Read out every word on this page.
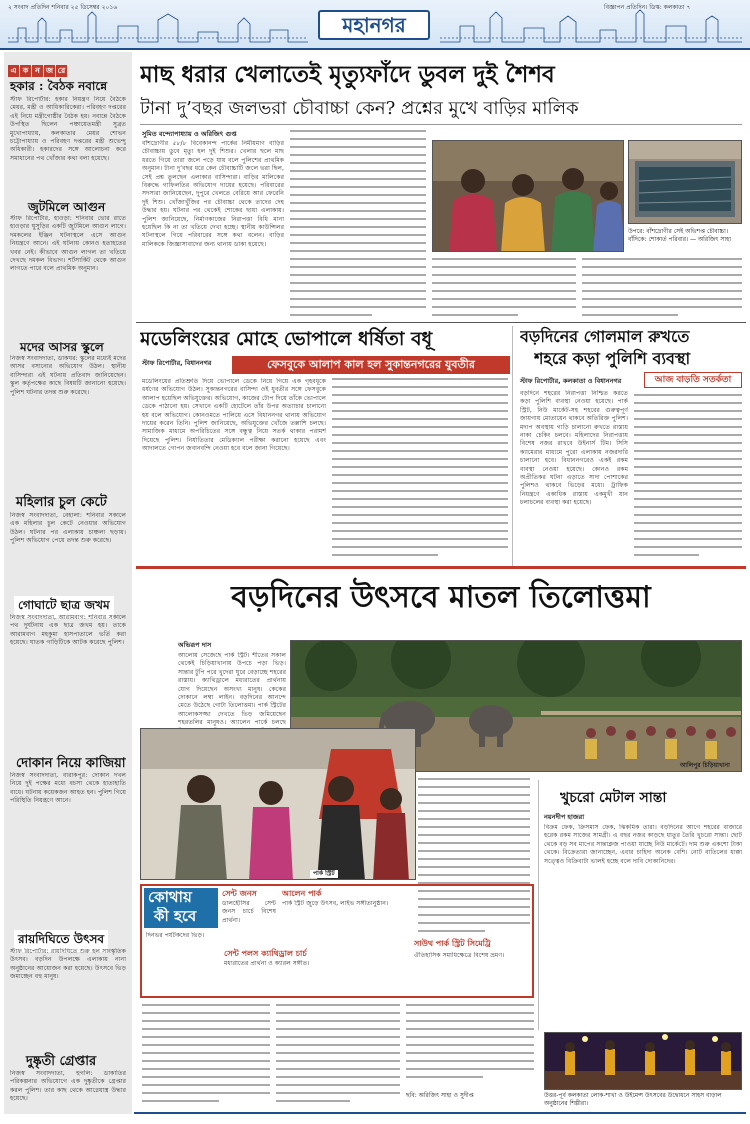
২ সংবাদ প্রতিদিন শনিবার ২৫ ডিসেম্বর ২০১৬	বিজ্ঞাপন প্রতিদিন। ডিস্ক: কলকাতা ৭
মহানগর
এ ক ন জ রে
হকার : বৈঠক নবান্নে
স্টাফ রিপোর্টার: হকার নিয়ন্ত্রণ নিয়ে বৈঠকে মেয়র, মন্ত্রী ও আধিকারিকেরা। পরিবহণ দপ্তরের এই নিয়ে মন্ত্রীগোষ্ঠীর বৈঠক হয়। নবান্নে বৈঠকে উপস্থিত ছিলেন পঞ্চায়েতমন্ত্রী সুব্রত মুখোপাধ্যায়, কলকাতার মেয়র শোভন চট্টোপাধ্যায় ও পরিবহণ দপ্তরের মন্ত্রী শুভেন্দু অধিকারী। হকারদের সঙ্গে আলোচনা করে সমাধানের পথ খোঁজার কথা বলা হয়েছে।
জুটমিলে আগুন
স্টাফ রিপোর্টার, হাওড়া: শনিবার ভোর রাতে হাওড়ার ঘুসুড়ির একটি জুটমিলে আগুন লাগে। দমকলের ইঞ্জিন ঘটনাস্থলে এসে আগুন নিয়ন্ত্রণে আনে। এই ঘটনায় কোনও হতাহতের খবর নেই। কীভাবে আগুন লাগল তা খতিয়ে দেখছে দমকল বিভাগ। শর্টসার্কিট থেকে আগুন লাগতে পারে বলে প্রাথমিক অনুমান।
মদের আসর স্কুলে
নিজস্ব সংবাদদাতা, ডাকঘর: স্কুলের মধ্যেই মদের আসর বসানোর অভিযোগ উঠল। স্থানীয় বাসিন্দারা এই ঘটনায় প্রতিবাদ জানিয়েছেন। স্কুল কর্তৃপক্ষের কাছে বিষয়টি জানানো হয়েছে। পুলিশ ঘটনার তদন্ত শুরু করেছে।
মহিলার চুল কেটে
নিজস্ব সংবাদদাতা, বেহালা: শনিবার সকালে এক মহিলার চুল কেটে নেওয়ার অভিযোগ উঠল। ঘটনার পর এলাকায় চাঞ্চল্য ছড়ায়। পুলিশ অভিযোগ পেয়ে তদন্ত শুরু করেছে।
গোঘাটে ছাত্র জখম
নিজস্ব সংবাদদাতা, আরামবাগ: শনিবার সকালে পথ দুর্ঘটনায় এক ছাত্র জখম হয়। তাকে আরামবাগ মহকুমা হাসপাতালে ভর্তি করা হয়েছে। ঘাতক গাড়িটিকে আটক করেছে পুলিশ।
দোকান নিয়ে কাজিয়া
নিজস্ব সংবাদদাতা, বারাকপুর: দোকান দখল নিয়ে দুই পক্ষের মধ্যে বচসা থেকে হাতাহাতি বাধে। ঘটনায় কয়েকজন আহত হন। পুলিশ গিয়ে পরিস্থিতি নিয়ন্ত্রণে আনে।
রায়দিঘিতে উৎসব
স্টাফ রিপোর্টার: রায়দিঘিতে শুরু হল সাংস্কৃতিক উৎসব। বড়দিন উপলক্ষে এলাকায় নানা অনুষ্ঠানের আয়োজন করা হয়েছে। উৎসবে ভিড় জমাচ্ছেন বহু মানুষ।
দুষ্কৃতী গ্রেপ্তার
নিজস্ব সংবাদদাতা, হুগলি: ডাকাতির পরিকল্পনার অভিযোগে এক দুষ্কৃতীকে গ্রেপ্তার করল পুলিশ। তার কাছ থেকে আগ্নেয়াস্ত্র উদ্ধার হয়েছে।
মাছ ধরার খেলাতেই মৃত্যুফাঁদে ডুবল দুই শৈশব
টানা দু’বছর জলভরা চৌবাচ্চা কেন? প্রশ্নের মুখে বাড়ির মালিক
সুমিত বন্দ্যোপাধ্যায় ও অরিজিৎ গুপ্ত
বাঁশদ্রোণীর ৫৮/৮ বিবেকানন্দ পার্কের নির্মীয়মাণ বাড়ির চৌবাচ্চায় ডুবে মৃত্যু হল দুই শিশুর। খেলার ছলে মাছ ধরতে গিয়ে তারা জলে পড়ে যায় বলে পুলিশের প্রাথমিক অনুমান। টানা দু’বছর ধরে কেন চৌবাচ্চাটি জলে ভরা ছিল, সেই প্রশ্ন তুলছেন এলাকার বাসিন্দারা। বাড়ির মালিকের বিরুদ্ধে গাফিলতির অভিযোগ দায়ের হয়েছে। পরিবারের সদস্যরা জানিয়েছেন, দুপুরে খেলতে বেরিয়ে আর ফেরেনি দুই শিশু। খোঁজাখুঁজির পর চৌবাচ্চা থেকে তাদের দেহ উদ্ধার হয়। ঘটনার পর থেকেই শোকের ছায়া এলাকায়। পুলিশ জানিয়েছে, নির্মাণকাজের নিরাপত্তা বিধি মানা হয়েছিল কি না তা খতিয়ে দেখা হচ্ছে। স্থানীয় কাউন্সিলর ঘটনাস্থলে গিয়ে পরিবারের সঙ্গে কথা বলেন। বাড়ির মালিককে জিজ্ঞাসাবাদের জন্য থানায় ডাকা হয়েছে।
উপরে: বাঁশদ্রোণীর সেই অভিশপ্ত চৌবাচ্চা। বাঁদিকে: শোকার্ত পরিবার। — অরিজিৎ সাহা
মডেলিংয়ের মোহে ভোপালে ধর্ষিতা বধূ
ফেসবুকে আলাপ কাল হল সুকান্তনগরের যুবতীর
স্টাফ রিপোর্টার, বিধাননগর
মডেলিংয়ের প্রতিশ্রুতি দিয়ে ভোপালে ডেকে নিয়ে গিয়ে এক গৃহবধূকে ধর্ষণের অভিযোগ উঠল। সুকান্তনগরের বাসিন্দা ওই যুবতীর সঙ্গে ফেসবুকে আলাপ হয়েছিল অভিযুক্তের। অভিযোগ, কাজের টোপ দিয়ে তাঁকে ভোপালে ডেকে পাঠানো হয়। সেখানে একটি হোটেলে তাঁর উপর অত্যাচার চালানো হয় বলে অভিযোগ। কোনওমতে পালিয়ে এসে বিধাননগর থানায় অভিযোগ দায়ের করেন তিনি। পুলিশ জানিয়েছে, অভিযুক্তের খোঁজে তল্লাশি চলছে। সামাজিক মাধ্যমে অপরিচিতের সঙ্গে বন্ধুত্ব নিয়ে সতর্ক থাকার পরামর্শ দিয়েছে পুলিশ। নির্যাতিতার মেডিক্যাল পরীক্ষা করানো হয়েছে এবং আদালতে গোপন জবানবন্দি নেওয়া হবে বলে জানা গিয়েছে।
বড়দিনের গোলমাল রুখতে
শহরে কড়া পুলিশি ব্যবস্থা
স্টাফ রিপোর্টার, কলকাতা ও বিধাননগর	আজ বাড়তি সতর্কতা
বড়দিনে শহরের নিরাপত্তা নিশ্চিত করতে কড়া পুলিশি ব্যবস্থা নেওয়া হয়েছে। পার্ক স্ট্রিট, নিউ মার্কেট-সহ শহরের গুরুত্বপূর্ণ জায়গায় মোতায়েন থাকবে অতিরিক্ত পুলিশ। মদ্যপ অবস্থায় গাড়ি চালানো রুখতে রাস্তায় নাকা চেকিং চলবে। মহিলাদের নিরাপত্তায় বিশেষ নজর রাখবে উইনার্স টিম। সিসি ক্যামেরার মাধ্যমে পুরো এলাকায় নজরদারি চালানো হবে। বিধাননগরেও একই রকম ব্যবস্থা নেওয়া হয়েছে। কোনও রকম অপ্রীতিকর ঘটনা এড়াতে সাদা পোশাকের পুলিশও থাকবে ভিড়ের মধ্যে। ট্রাফিক নিয়ন্ত্রণে একাধিক রাস্তায় একমুখী যান চলাচলের ব্যবস্থা করা হয়েছে।
বড়দিনের উৎসবে মাতল তিলোত্তমা
অভিরূপ দাস
আলোয় সেজেছে পার্ক স্ট্রিট। শীতের সকাল থেকেই চিড়িয়াখানায় উপচে পড়া ভিড়। সান্তার টুপি পরে খুদেরা ঘুরে বেড়াচ্ছে শহরের রাস্তায়। ক্যাথিড্রালে মধ্যরাতের প্রার্থনায় যোগ দিয়েছেন অসংখ্য মানুষ। কেকের দোকানে লম্বা লাইন। বড়দিনের আনন্দে মেতে উঠেছে গোটা তিলোত্তমা। পার্ক স্ট্রিটের আলোকসজ্জা দেখতে ভিড় জমিয়েছেন শহরতলির মানুষও। অ্যালেন পার্কে চলছে
আলিপুর চিড়িয়াখানা
পার্ক স্ট্রিট
খুচরো মেটাল সান্তা
নয়নদীপ হাজরা
বিক্রম ফেক, ক্রিসমাস ফেক, ঝিকমিক তারা। বড়দিনের আগে শহরের বাজারে হরেক রকম সাজের সামগ্রী। এ বছর নজর কাড়ছে ধাতুর তৈরি খুচরো সান্তা। ছোট থেকে বড় সব মাপের সান্তাক্লজ পাওয়া যাচ্ছে নিউ মার্কেটে। দাম শুরু একশো টাকা থেকে। বিক্রেতারা জানাচ্ছেন, এবার চাহিদা অনেক বেশি। নোট বাতিলের ধাক্কা সত্ত্বেও বিক্রিবাটা ভালই হচ্ছে বলে দাবি দোকানিদের।
কোথায়
কী হবে
সেন্ট জনস
ডালহৌসির সেন্ট জনস চার্চে বিশেষ প্রার্থনা।
আলেন পার্ক
পার্ক স্ট্রিট জুড়ে উৎসব, লাইভ সঙ্গীতানুষ্ঠান।
দিনভর পর্যটকদের ভিড়।
সেন্ট পলস ক্যাথিড্রাল চার্চ
মধ্যরাতের প্রার্থনা ও ক্যারল সঙ্গীত।
সাউথ পার্ক স্ট্রিট সিমেট্রি
ঐতিহাসিক সমাধিক্ষেত্রে বিশেষ ভ্রমণ।
ছবি: অরিজিৎ সাহা ও সুদীপ্ত	উত্তর-পূর্ব কলকাতা লোক-শাখা ও উইমেন্স উৎসবের উদ্বোধনে সাহস বাড়াল অনুষ্ঠানের শিল্পীরা।
